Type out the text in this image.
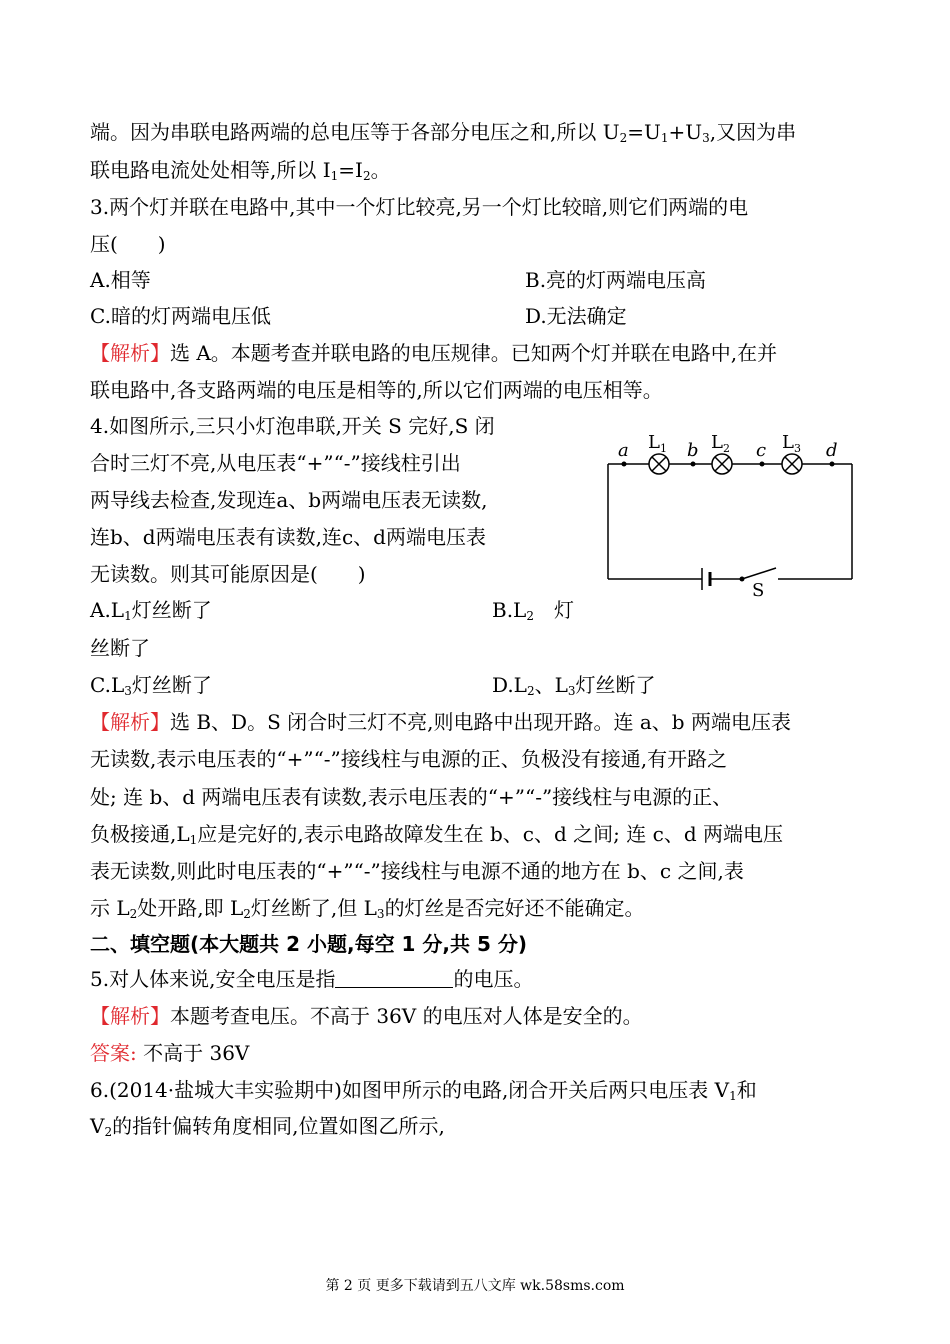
端。因为串联电路两端的总电压等于各部分电压之和,所以 $U_2=U_1+U_3$,又因为串
联电路电流处处相等,所以 $I_1=I_2$。
3.两个灯并联在电路中,其中一个灯比较亮,另一个灯比较暗,则它们两端的电
压(　　)
A.相等	B.亮的灯两端电压高
C.暗的灯两端电压低	D.无法确定
【解析】选 A。本题考查并联电路的电压规律。已知两个灯并联在电路中,在并
联电路中,各支路两端的电压是相等的,所以它们两端的电压相等。
4.如图所示,三只小灯泡串联,开关 S 完好,S 闭
合时三灯不亮,从电压表“+”“-”接线柱引出
两导线去检查,发现连a、b两端电压表无读数,
连b、d两端电压表有读数,连c、d两端电压表
无读数。则其可能原因是(　　)
a	b	c	d
$L_1$ $L_2$	$L_3$
S
$A.L_1$灯丝断了	$B.L_2$　灯
丝断了
$C.L_3$灯丝断了	$D.L_2$、$L_3$灯丝断了
【解析】选 B、D。S 闭合时三灯不亮,则电路中出现开路。连 a、b 两端电压表
无读数,表示电压表的“+”“-”接线柱与电源的正、负极没有接通,有开路之
处; 连 b、d 两端电压表有读数,表示电压表的“+”“-”接线柱与电源的正、
负极接通$,L_1$应是完好的,表示电路故障发生在 b、c、d 之间; 连 c、d 两端电压
表无读数,则此时电压表的“+”“-”接线柱与电源不通的地方在 b、c 之间,表
示 $L_2$处开路,即 $L_2$灯丝断了,但 $L_3$的灯丝是否完好还不能确定。
二、填空题(本大题共 2 小题,每空 1 分,共 5 分)
5.对人体来说,安全电压是指	的电压。
【解析】本题考查电压。不高于 36V 的电压对人体是安全的。
答案: 不高于 36V
6.(2014·盐城大丰实验期中)如图甲所示的电路,闭合开关后两只电压表 $V_1$和
$V_2$的指针偏转角度相同,位置如图乙所示,
第 2 页 更多下载请到五八文库 wk.58sms.com
